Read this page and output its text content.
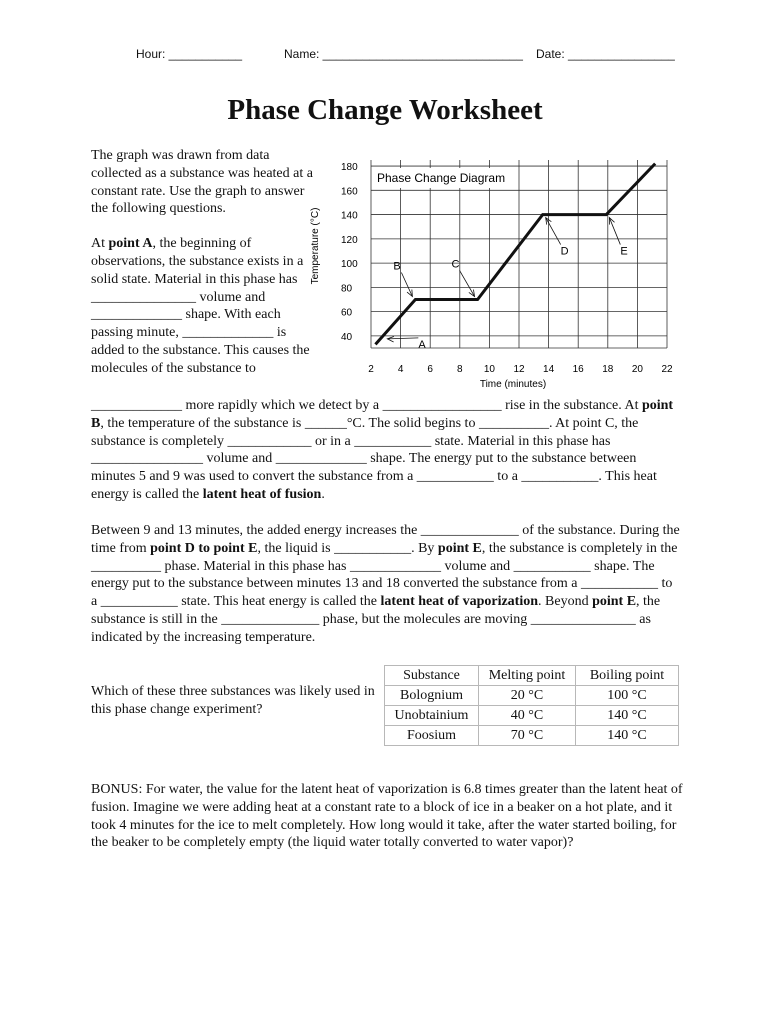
Hour: ___________	Name: ______________________________ Date: ________________
Phase Change Worksheet

The graph was drawn from data collected as a substance was heated at a constant rate. Use the graph to answer the following questions.

At point A, the beginning of observations, the substance exists in a solid state. Material in this phase has _______________ volume and _____________ shape. With each passing minute, _____________ is added to the substance. This causes the molecules of the substance to	2 4 6 8 10 12 14 16 18 20 22
40
60
80
100
120
140
160
180
Time (minutes)
Temperature (°C)
Phase Change Diagram
A
B	C
D	E

_____________ more rapidly which we detect by a _________________ rise in the substance. At point B, the temperature of the substance is ______°C. The solid begins to __________. At point C, the substance is completely ____________ or in a ___________ state. Material in this phase has ________________ volume and _____________ shape. The energy put to the substance between minutes 5 and 9 was used to convert the substance from a ___________ to a ___________. This heat energy is called the latent heat of fusion.

Between 9 and 13 minutes, the added energy increases the ______________ of the substance. During the time from point D to point E, the liquid is ___________. By point E, the substance is completely in the __________ phase. Material in this phase has _____________ volume and ___________ shape. The energy put to the substance between minutes 13 and 18 converted the substance from a ___________ to a ___________ state. This heat energy is called the latent heat of vaporization. Beyond point E, the substance is still in the ______________ phase, but the molecules are moving _______________ as indicated by the increasing temperature.

Which of these three substances was likely used in this phase change experiment?

Substance	Melting point	Boiling point
Bolognium	20 °C	100 °C
Unobtainium	40 °C	140 °C
Foosium	70 °C	140 °C

BONUS: For water, the value for the latent heat of vaporization is 6.8 times greater than the latent heat of fusion. Imagine we were adding heat at a constant rate to a block of ice in a beaker on a hot plate, and it took 4 minutes for the ice to melt completely. How long would it take, after the water started boiling, for the beaker to be completely empty (the liquid water totally converted to water vapor)?
